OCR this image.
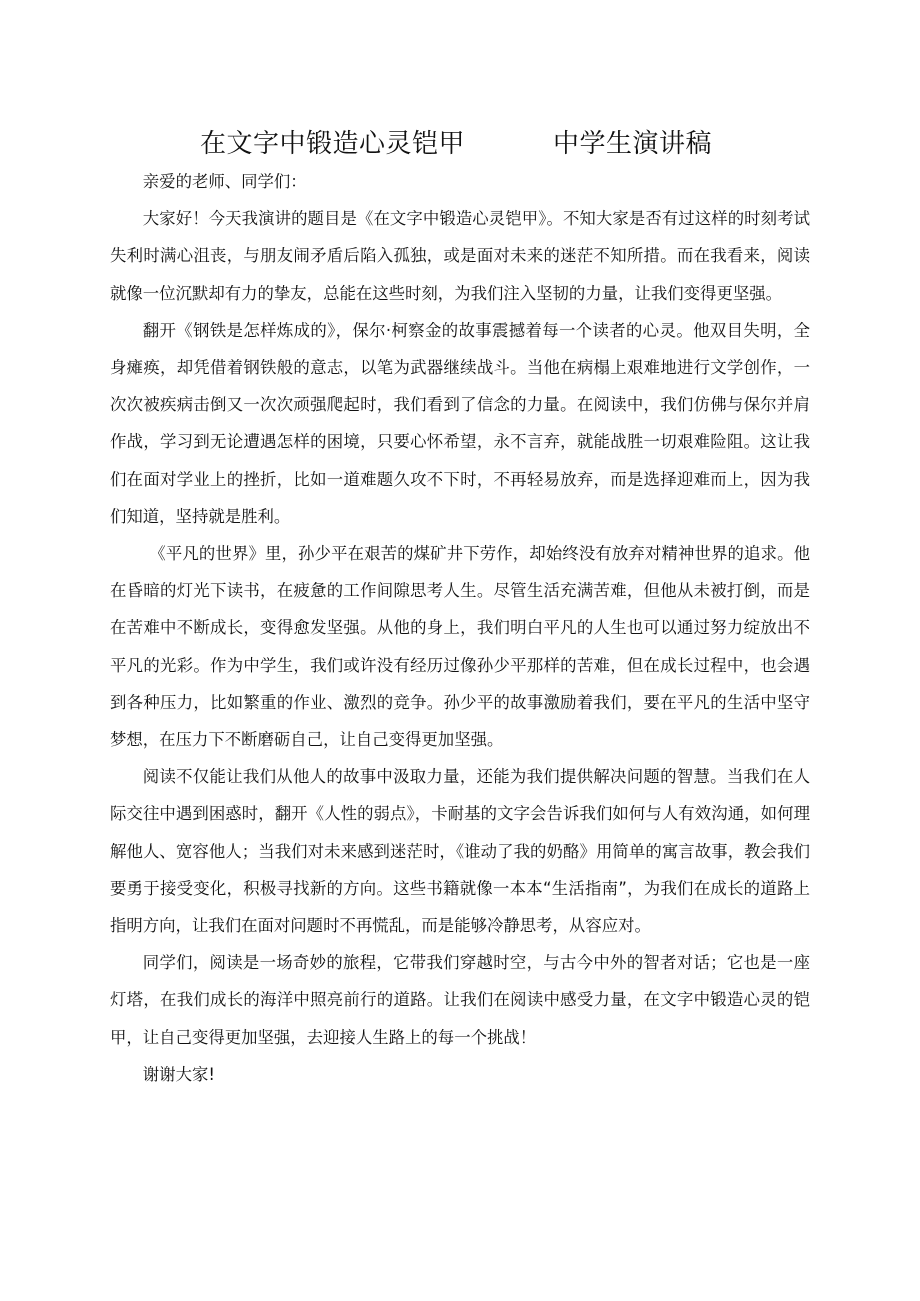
在文字中锻造心灵铠甲	中学生演讲稿

亲爱的老师、同学们：

大家好！今天我演讲的题目是《在文字中锻造心灵铠甲》。不知大家是否有过这样的时刻考试失利时满心沮丧，与朋友闹矛盾后陷入孤独，或是面对未来的迷茫不知所措。而在我看来，阅读就像一位沉默却有力的挚友，总能在这些时刻，为我们注入坚韧的力量，让我们变得更坚强。

翻开《钢铁是怎样炼成的》，保尔·柯察金的故事震撼着每一个读者的心灵。他双目失明，全身瘫痪，却凭借着钢铁般的意志，以笔为武器继续战斗。当他在病榻上艰难地进行文学创作，一次次被疾病击倒又一次次顽强爬起时，我们看到了信念的力量。在阅读中，我们仿佛与保尔并肩作战，学习到无论遭遇怎样的困境，只要心怀希望，永不言弃，就能战胜一切艰难险阻。这让我们在面对学业上的挫折，比如一道难题久攻不下时，不再轻易放弃，而是选择迎难而上，因为我们知道，坚持就是胜利。

《平凡的世界》里，孙少平在艰苦的煤矿井下劳作，却始终没有放弃对精神世界的追求。他在昏暗的灯光下读书，在疲惫的工作间隙思考人生。尽管生活充满苦难，但他从未被打倒，而是在苦难中不断成长，变得愈发坚强。从他的身上，我们明白平凡的人生也可以通过努力绽放出不平凡的光彩。作为中学生，我们或许没有经历过像孙少平那样的苦难，但在成长过程中，也会遇到各种压力，比如繁重的作业、激烈的竞争。孙少平的故事激励着我们，要在平凡的生活中坚守梦想，在压力下不断磨砺自己，让自己变得更加坚强。

阅读不仅能让我们从他人的故事中汲取力量，还能为我们提供解决问题的智慧。当我们在人际交往中遇到困惑时，翻开《人性的弱点》，卡耐基的文字会告诉我们如何与人有效沟通，如何理解他人、宽容他人；当我们对未来感到迷茫时，《谁动了我的奶酪》用简单的寓言故事，教会我们要勇于接受变化，积极寻找新的方向。这些书籍就像一本本“生活指南”，为我们在成长的道路上指明方向，让我们在面对问题时不再慌乱，而是能够冷静思考，从容应对。

同学们，阅读是一场奇妙的旅程，它带我们穿越时空，与古今中外的智者对话；它也是一座灯塔，在我们成长的海洋中照亮前行的道路。让我们在阅读中感受力量，在文字中锻造心灵的铠甲，让自己变得更加坚强，去迎接人生路上的每一个挑战！

谢谢大家!
